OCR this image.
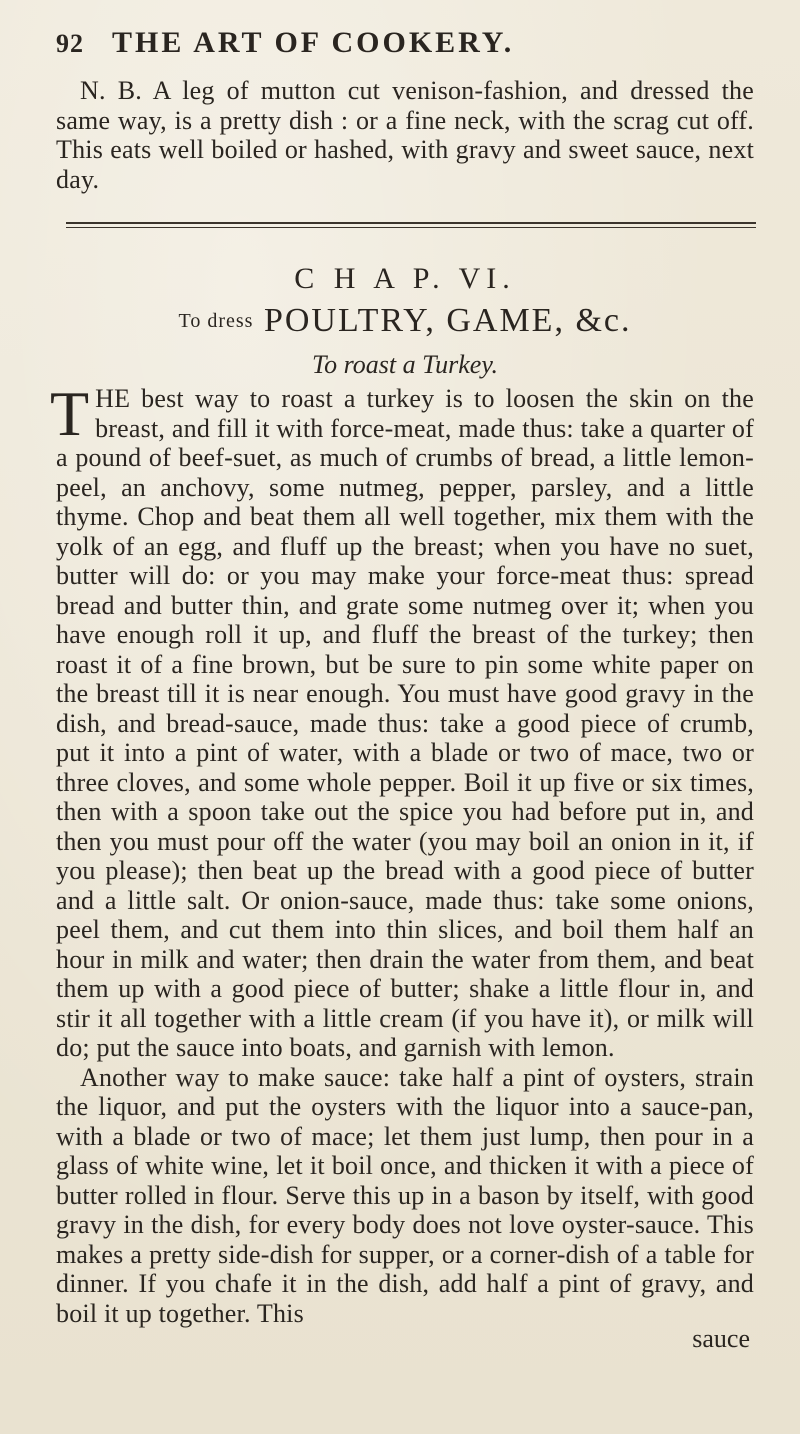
92 THE ART OF COOKERY.

N. B. A leg of mutton cut venison-fashion, and dressed the same way, is a pretty dish : or a fine neck, with the scrag cut off. This eats well boiled or hashed, with gravy and sweet sauce, next day.

C H A P. VI.
To dress POULTRY, GAME, &c.
To roast a Turkey.
T HE best way to roast a turkey is to loosen the skin on the breast, and fill it with force-meat, made thus: take a quarter of a pound of beef-suet, as much of crumbs of bread, a little lemon-peel, an anchovy, some nutmeg, pepper, parsley, and a little thyme. Chop and beat them all well together, mix them with the yolk of an egg, and fluff up the breast; when you have no suet, butter will do: or you may make your force-meat thus: spread bread and butter thin, and grate some nutmeg over it; when you have enough roll it up, and fluff the breast of the turkey; then roast it of a fine brown, but be sure to pin some white paper on the breast till it is near enough. You must have good gravy in the dish, and bread-sauce, made thus: take a good piece of crumb, put it into a pint of water, with a blade or two of mace, two or three cloves, and some whole pepper. Boil it up five or six times, then with a spoon take out the spice you had before put in, and then you must pour off the water (you may boil an onion in it, if you please); then beat up the bread with a good piece of butter and a little salt. Or onion-sauce, made thus: take some onions, peel them, and cut them into thin slices, and boil them half an hour in milk and water; then drain the water from them, and beat them up with a good piece of butter; shake a little flour in, and stir it all together with a little cream (if you have it), or milk will do; put the sauce into boats, and garnish with lemon.

Another way to make sauce: take half a pint of oysters, strain the liquor, and put the oysters with the liquor into a sauce-pan, with a blade or two of mace; let them just lump, then pour in a glass of white wine, let it boil once, and thicken it with a piece of butter rolled in flour. Serve this up in a bason by itself, with good gravy in the dish, for every body does not love oyster-sauce. This makes a pretty side-dish for supper, or a corner-dish of a table for dinner. If you chafe it in the dish, add half a pint of gravy, and boil it up together. This

sauce
